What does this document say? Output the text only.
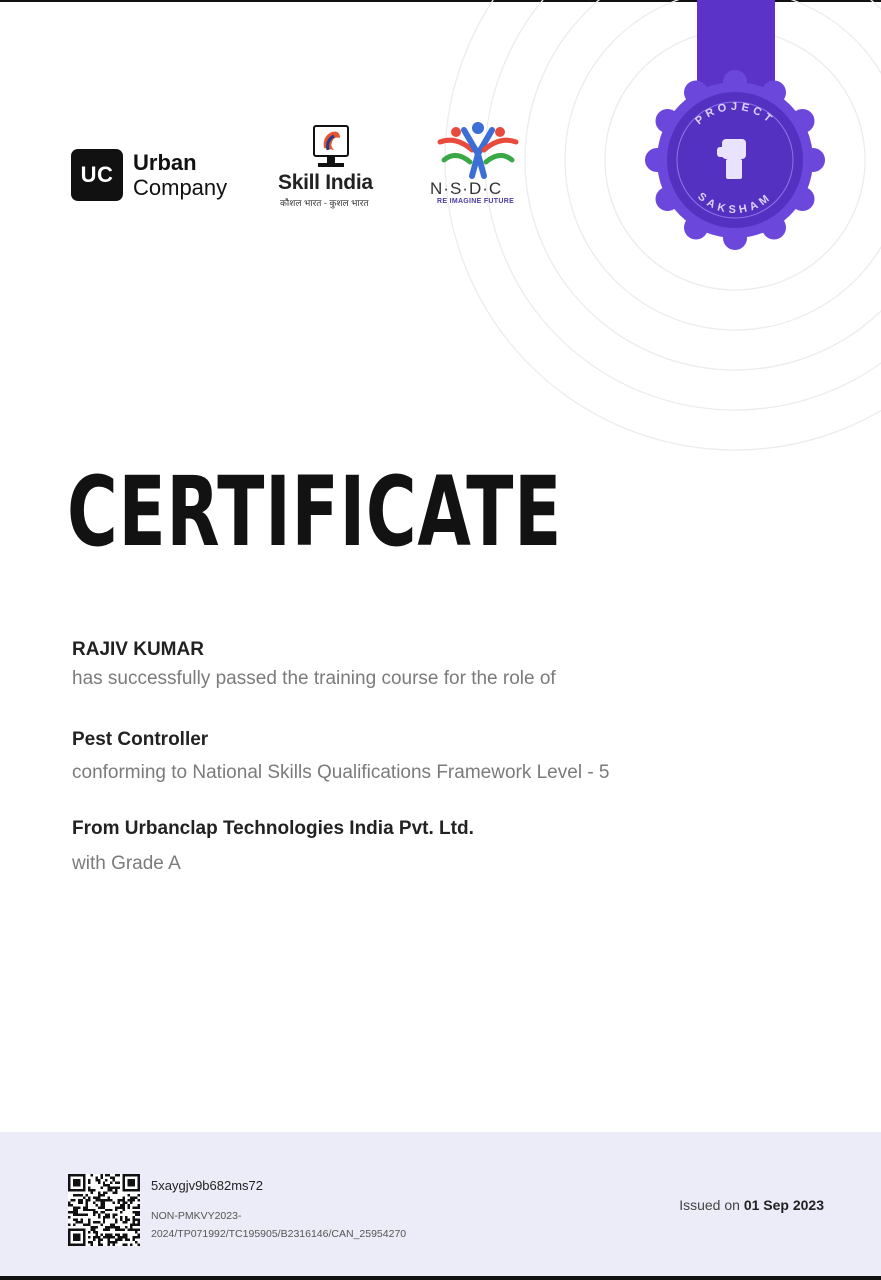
PROJECT
SAKSHAM
UC Urban
Company Skill India
कौशल भारत - कुशल भारत
N·S·D·C
RE IMAGINE FUTURE
CERTIFICATE
RAJIV KUMAR
has successfully passed the training course for the role of
Pest Controller
conforming to National Skills Qualifications Framework Level - 5
From Urbanclap Technologies India Pvt. Ltd.
with Grade A
5xaygjv9b682ms72
NON-PMKVY2023-
2024/TP071992/TC195905/B2316146/CAN_25954270
Issued on 01 Sep 2023
